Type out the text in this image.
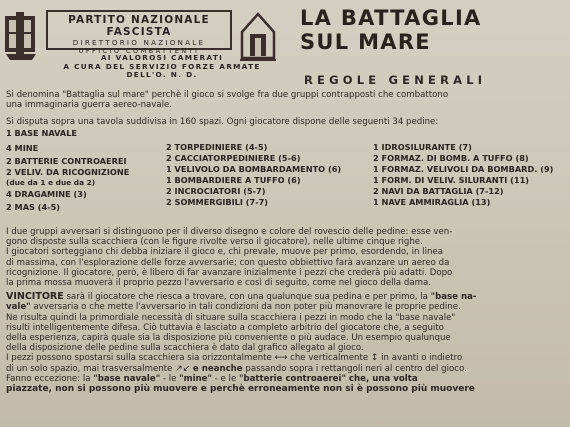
PARTITO NAZIONALE FASCISTA
DIRETTORIO NAZIONALE
UFFICIO COMBATTENTI
AI VALOROSI CAMERATI
A CURA DEL SERVIZIO FORZE ARMATE DELL'O. N. D.
LA BATTAGLIA
SUL MARE
REGOLE GENERALI
Si denomina "Battaglia sul mare" perchè il gioco si svolge fra due gruppi contrapposti che combattono
una immaginaria guerra aereo-navale.
Si disputa sopra una tavola suddivisa in 160 spazi. Ogni giocatore dispone delle seguenti 34 pedine:
1 BASE NAVALE
4 MINE
2 BATTERIE CONTROAEREI
2 VELIV. DA RICOGNIZIONE
(due da 1 e due da 2)
4 DRAGAMINE (3)
2 MAS (4-5)
2 TORPEDINIERE (4-5)
2 CACCIATORPEDINIERE (5-6)
1 VELIVOLO DA BOMBARDAMENTO (6)
1 BOMBARDIERE A TUFFO (6)
2 INCROCIATORI (5-7)
2 SOMMERGIBILI (7-7)
1 IDROSILURANTE (7)
2 FORMAZ. DI BOMB. A TUFFO (8)
1 FORMAZ. VELIVOLI DA BOMBARD. (9)
1 FORM. DI VELIV. SILURANTI (11)
2 NAVI DA BATTAGLIA (7-12)
1 NAVE AMMIRAGLIA (13)
I due gruppi avversari si distinguono per il diverso disegno e colore del rovescio delle pedine: esse ven-
gono disposte sulla scacchiera (con le figure rivolte verso il giocatore), nelle ultime cinque righe.
I giocatori sorteggiano chi debba iniziare il gioco e, chi prevale, muove per primo, esordendo, in linea
di massima, con l'esplorazione delle forze avversarie; con questo obbiettivo farà avanzare un aereo da
ricognizione. Il giocatore, però, è libero di far avanzare inizialmente i pezzi che crederà più adatti. Dopo
la prima mossa muoverà il proprio pezzo l'avversario e così di seguito, come nel gioco della dama.
VINCITORE sarà il giocatore che riesca a trovare, con una qualunque sua pedina e per primo, la "base na-
vale" avversaria o che mette l'avversario in tali condizioni da non poter più manovrare le proprie pedine.
Ne risulta quindi la primordiale necessità di situare sulla scacchiera i pezzi in modo che la "base navale"
risulti intelligentemente difesa. Ciò tuttavia è lasciato a completo arbitrio del giocatore che, a seguito
della esperienza, capirà quale sia la disposizione più conveniente o più audace. Un esempio qualunque
della disposizione delle pedine sulla scacchiera è dato dal grafico allegato al gioco.
I pezzi possono spostarsi sulla scacchiera sia orizzontalmente ⟷ che verticalmente ↕ in avanti o indietro
di un solo spazio, mai trasversalmente ↗↙ e neanche passando sopra i rettangoli neri al centro del gioco.
Fanno eccezione: la "base navale" - le "mine" - e le "batterie controaerei" che, una volta
piazzate, non si possono più muovere e perchè erroneamente non si è possono più muovere
